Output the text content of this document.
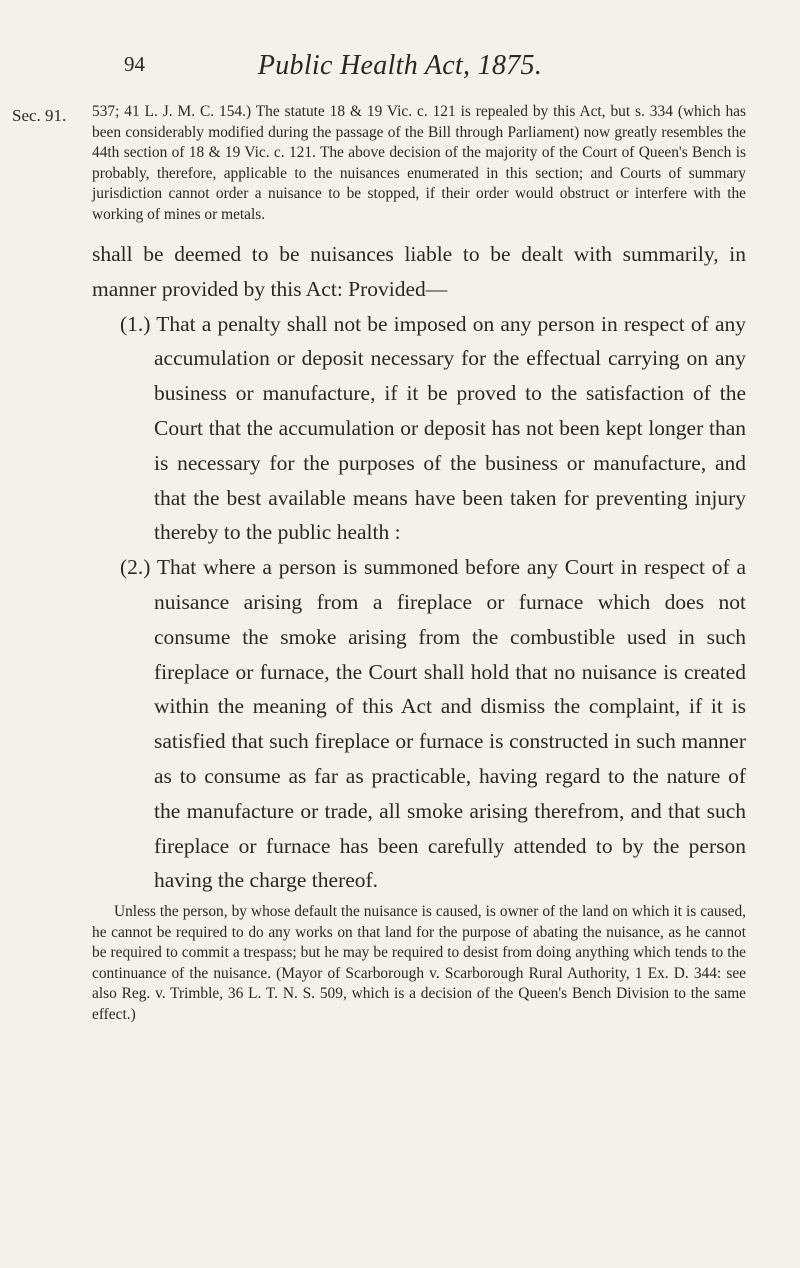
94	Public Health Act, 1875.
Sec. 91. 537; 41 L. J. M. C. 154.) The statute 18 & 19 Vic. c. 121 is repealed by this Act, but s. 334 (which has been considerably modified during the passage of the Bill through Parliament) now greatly resembles the 44th section of 18 & 19 Vic. c. 121. The above decision of the majority of the Court of Queen's Bench is probably, therefore, applicable to the nuisances enumerated in this section; and Courts of summary jurisdiction cannot order a nuisance to be stopped, if their order would obstruct or interfere with the working of mines or metals.

shall be deemed to be nuisances liable to be dealt with summarily, in manner provided by this Act: Provided—

(1.) That a penalty shall not be imposed on any person in respect of any accumulation or deposit necessary for the effectual carrying on any business or manufacture, if it be proved to the satisfaction of the Court that the accumulation or deposit has not been kept longer than is necessary for the purposes of the business or manufacture, and that the best available means have been taken for preventing injury thereby to the public health :

(2.) That where a person is summoned before any Court in respect of a nuisance arising from a fireplace or furnace which does not consume the smoke arising from the combustible used in such fireplace or furnace, the Court shall hold that no nuisance is created within the meaning of this Act and dismiss the complaint, if it is satisfied that such fireplace or furnace is constructed in such manner as to consume as far as practicable, having regard to the nature of the manufacture or trade, all smoke arising therefrom, and that such fireplace or furnace has been carefully attended to by the person having the charge thereof.

Unless the person, by whose default the nuisance is caused, is owner of the land on which it is caused, he cannot be required to do any works on that land for the purpose of abating the nuisance, as he cannot be required to commit a trespass; but he may be required to desist from doing anything which tends to the continuance of the nuisance. (Mayor of Scarborough v. Scarborough Rural Authority, 1 Ex. D. 344: see also Reg. v. Trimble, 36 L. T. N. S. 509, which is a decision of the Queen's Bench Division to the same effect.)
